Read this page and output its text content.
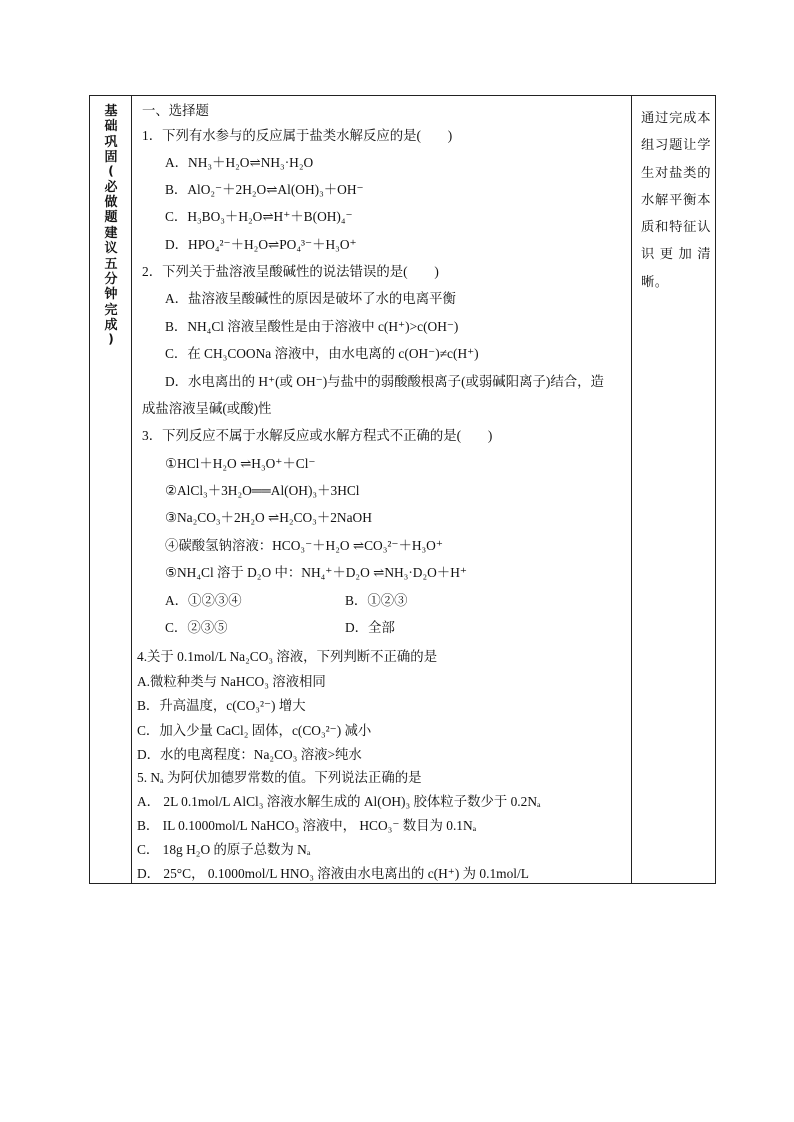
基
础
巩
固
(
必
做
题
建
议
五
分
钟
完
成
)
一、选择题
1．下列有水参与的反应属于盐类水解反应的是(　　)
A．NH₃＋H₂O⇌NH₃·H₂O
B．AlO₂⁻＋2H₂O⇌Al(OH)₃＋OH⁻
C．H₃BO₃＋H₂O⇌H⁺＋B(OH)₄⁻
D．HPO₄²⁻＋H₂O⇌PO₄³⁻＋H₃O⁺
2．下列关于盐溶液呈酸碱性的说法错误的是(　　)
A．盐溶液呈酸碱性的原因是破坏了水的电离平衡
B．NH₄Cl 溶液呈酸性是由于溶液中 c(H⁺)>c(OH⁻)
C．在 CH₃COONa 溶液中，由水电离的 c(OH⁻)≠c(H⁺)
D．水电离出的 H⁺(或 OH⁻)与盐中的弱酸酸根离子(或弱碱阳离子)结合，造
成盐溶液呈碱(或酸)性
3．下列反应不属于水解反应或水解方程式不正确的是(　　)
①HCl＋H₂O ⇌H₃O⁺＋Cl⁻
②AlCl₃＋3H₂O══Al(OH)₃＋3HCl
③Na₂CO₃＋2H₂O ⇌H₂CO₃＋2NaOH
④碳酸氢钠溶液：HCO₃⁻＋H₂O ⇌CO₃²⁻＋H₃O⁺
⑤NH₄Cl 溶于 D₂O 中：NH₄⁺＋D₂O ⇌NH₃·D₂O＋H⁺
A．①②③④	B．①②③
C．②③⑤	D．全部
4.关于 0.1mol/L Na₂CO₃ 溶液，下列判断不正确的是
A.微粒种类与 NaHCO₃ 溶液相同
B．升高温度，c(CO₃²⁻) 增大
C．加入少量 CaCl₂ 固体，c(CO₃²⁻) 减小
D．水的电离程度：Na₂CO₃ 溶液>纯水
5. Nₐ 为阿伏加德罗常数的值。下列说法正确的是
A． 2L 0.1mol/L AlCl₃ 溶液水解生成的 Al(OH)₃ 胶体粒子数少于 0.2Nₐ
B． IL 0.1000mol/L NaHCO₃ 溶液中， HCO₃⁻ 数目为 0.1Nₐ
C． 18g H₂O 的原子总数为 Nₐ
D． 25°C， 0.1000mol/L HNO₃ 溶液由水电离出的 c(H⁺) 为 0.1mol/L
通过完成本
组习题让学
生对盐类的
水解平衡本
质和特征认
识更加清
晰。
